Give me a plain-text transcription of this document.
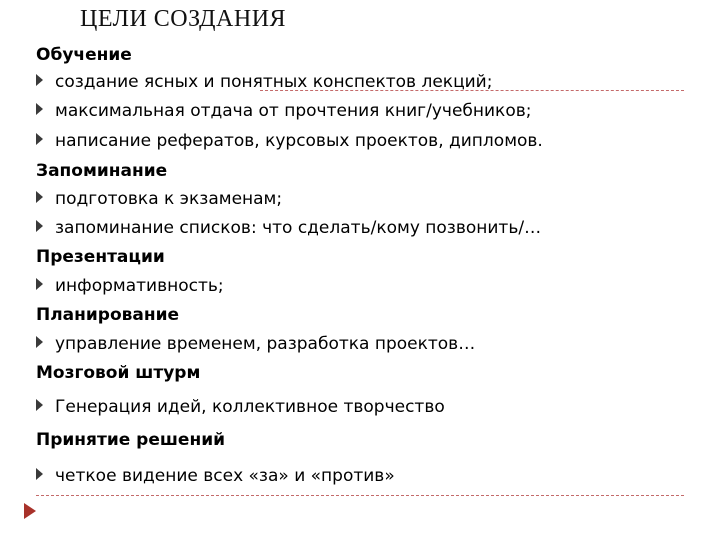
ЦЕЛИ СОЗДАНИЯ
Обучение
создание ясных и понятных конспектов лекций;
максимальная отдача от прочтения книг/учебников;
написание рефератов, курсовых проектов, дипломов.
Запоминание
подготовка к экзаменам;
запоминание списков: что сделать/кому позвонить/…
Презентации
информативность;
Планирование
управление временем, разработка проектов…
Мозговой штурм
Генерация идей, коллективное творчество
Принятие решений
четкое видение всех «за» и «против»
